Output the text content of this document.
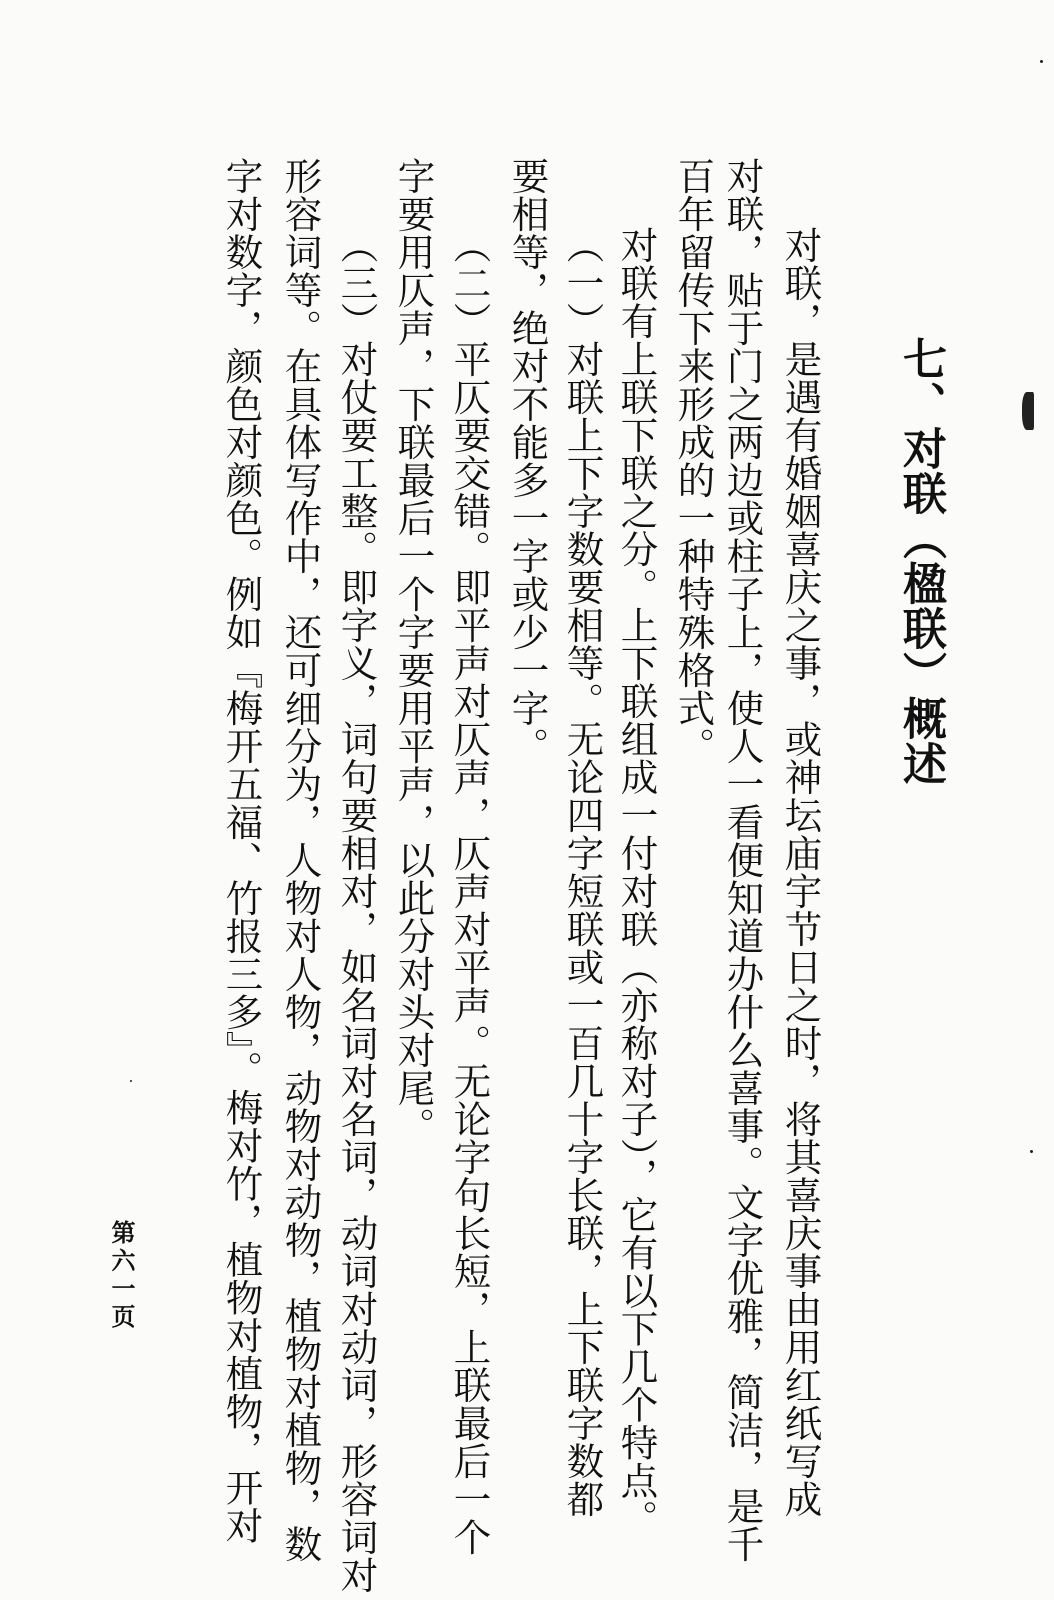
七、对联（楹联）概述
对联，是遇有婚姻喜庆之事，或神坛庙宇节日之时，将其喜庆事由用红纸写成
对联，贴于门之两边或柱子上，使人一看便知道办什么喜事。文字优雅，简洁，是千
百年留传下来形成的一种特殊格式。
对联有上联下联之分。上下联组成一付对联（亦称对子），它有以下几个特点。
（一）对联上下字数要相等。无论四字短联或一百几十字长联，上下联字数都
要相等，绝对不能多一字或少一字。
（二）平仄要交错。即平声对仄声，仄声对平声。无论字句长短，上联最后一个
字要用仄声，下联最后一个字要用平声，以此分对头对尾。
（三）对仗要工整。即字义，词句要相对，如名词对名词，动词对动词，形容词对
形容词等。在具体写作中，还可细分为，人物对人物，动物对动物，植物对植物，数
字对数字，颜色对颜色。例如『梅开五福、竹报三多』。梅对竹，植物对植物，开对
第六一页
